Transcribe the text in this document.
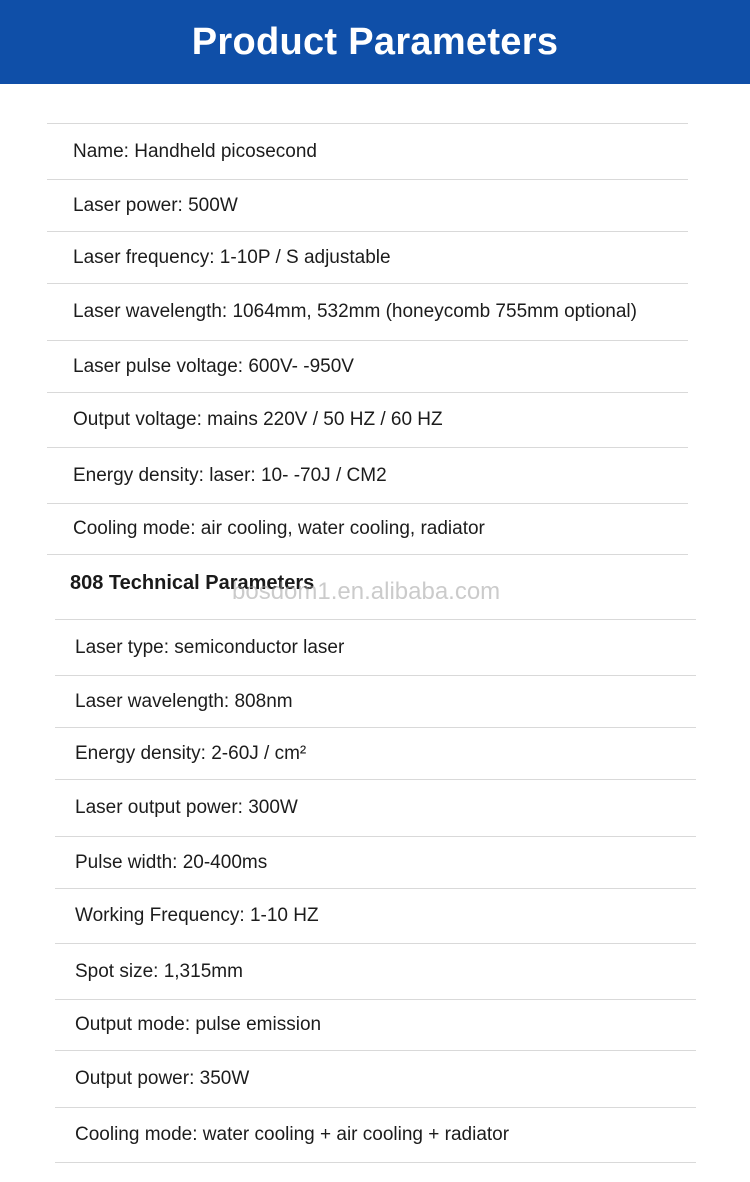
Product Parameters
Name: Handheld picosecond
Laser power: 500W
Laser frequency: 1-10P / S adjustable
Laser wavelength: 1064mm, 532mm (honeycomb 755mm optional)
Laser pulse voltage: 600V- -950V
Output voltage: mains 220V / 50 HZ / 60 HZ
Energy density: laser: 10- -70J / CM2
Cooling mode: air cooling, water cooling, radiator
808 Technical Parameters
bosdom1.en.alibaba.com
Laser type: semiconductor laser
Laser wavelength: 808nm
Energy density: 2-60J / cm²
Laser output power: 300W
Pulse width: 20-400ms
Working Frequency: 1-10 HZ
Spot size: 1,315mm
Output mode: pulse emission
Output power: 350W
Cooling mode: water cooling + air cooling + radiator
